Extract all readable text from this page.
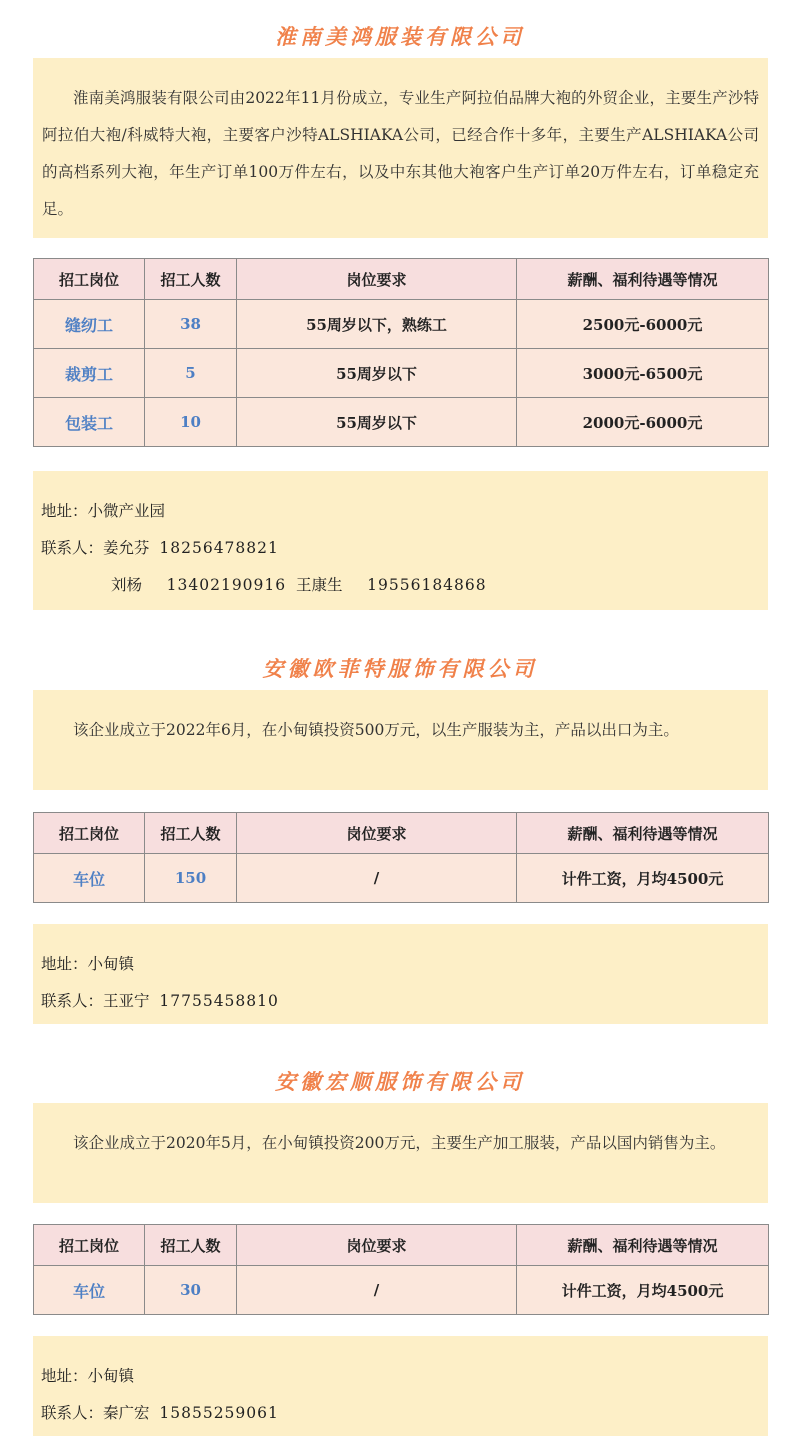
淮南美鸿服装有限公司
淮南美鸿服装有限公司由2022年11月份成立，专业生产阿拉伯品牌大袍的外贸企业，主要生产沙特阿拉伯大袍/科威特大袍，主要客户沙特ALSHIAKA公司，已经合作十多年，主要生产ALSHIAKA公司的高档系列大袍，年生产订单100万件左右，以及中东其他大袍客户生产订单20万件左右，订单稳定充足。
招工岗位	招工人数	岗位要求	薪酬、福利待遇等情况
缝纫工	38	55周岁以下，熟练工	2500元-6000元
裁剪工	5	55周岁以下	3000元-6500元
包装工	10	55周岁以下	2000元-6000元
地址：小微产业园
联系人：姜允芬 18256478821
刘杨 13402190916 王康生 19556184868
安徽欧菲特服饰有限公司
该企业成立于2022年6月，在小甸镇投资500万元，以生产服装为主，产品以出口为主。
招工岗位	招工人数	岗位要求	薪酬、福利待遇等情况
车位	150	/	计件工资，月均4500元
地址：小甸镇
联系人：王亚宁 17755458810
安徽宏顺服饰有限公司
该企业成立于2020年5月，在小甸镇投资200万元，主要生产加工服装，产品以国内销售为主。
招工岗位	招工人数	岗位要求	薪酬、福利待遇等情况
车位	30	/	计件工资，月均4500元
地址：小甸镇
联系人：秦广宏 15855259061
